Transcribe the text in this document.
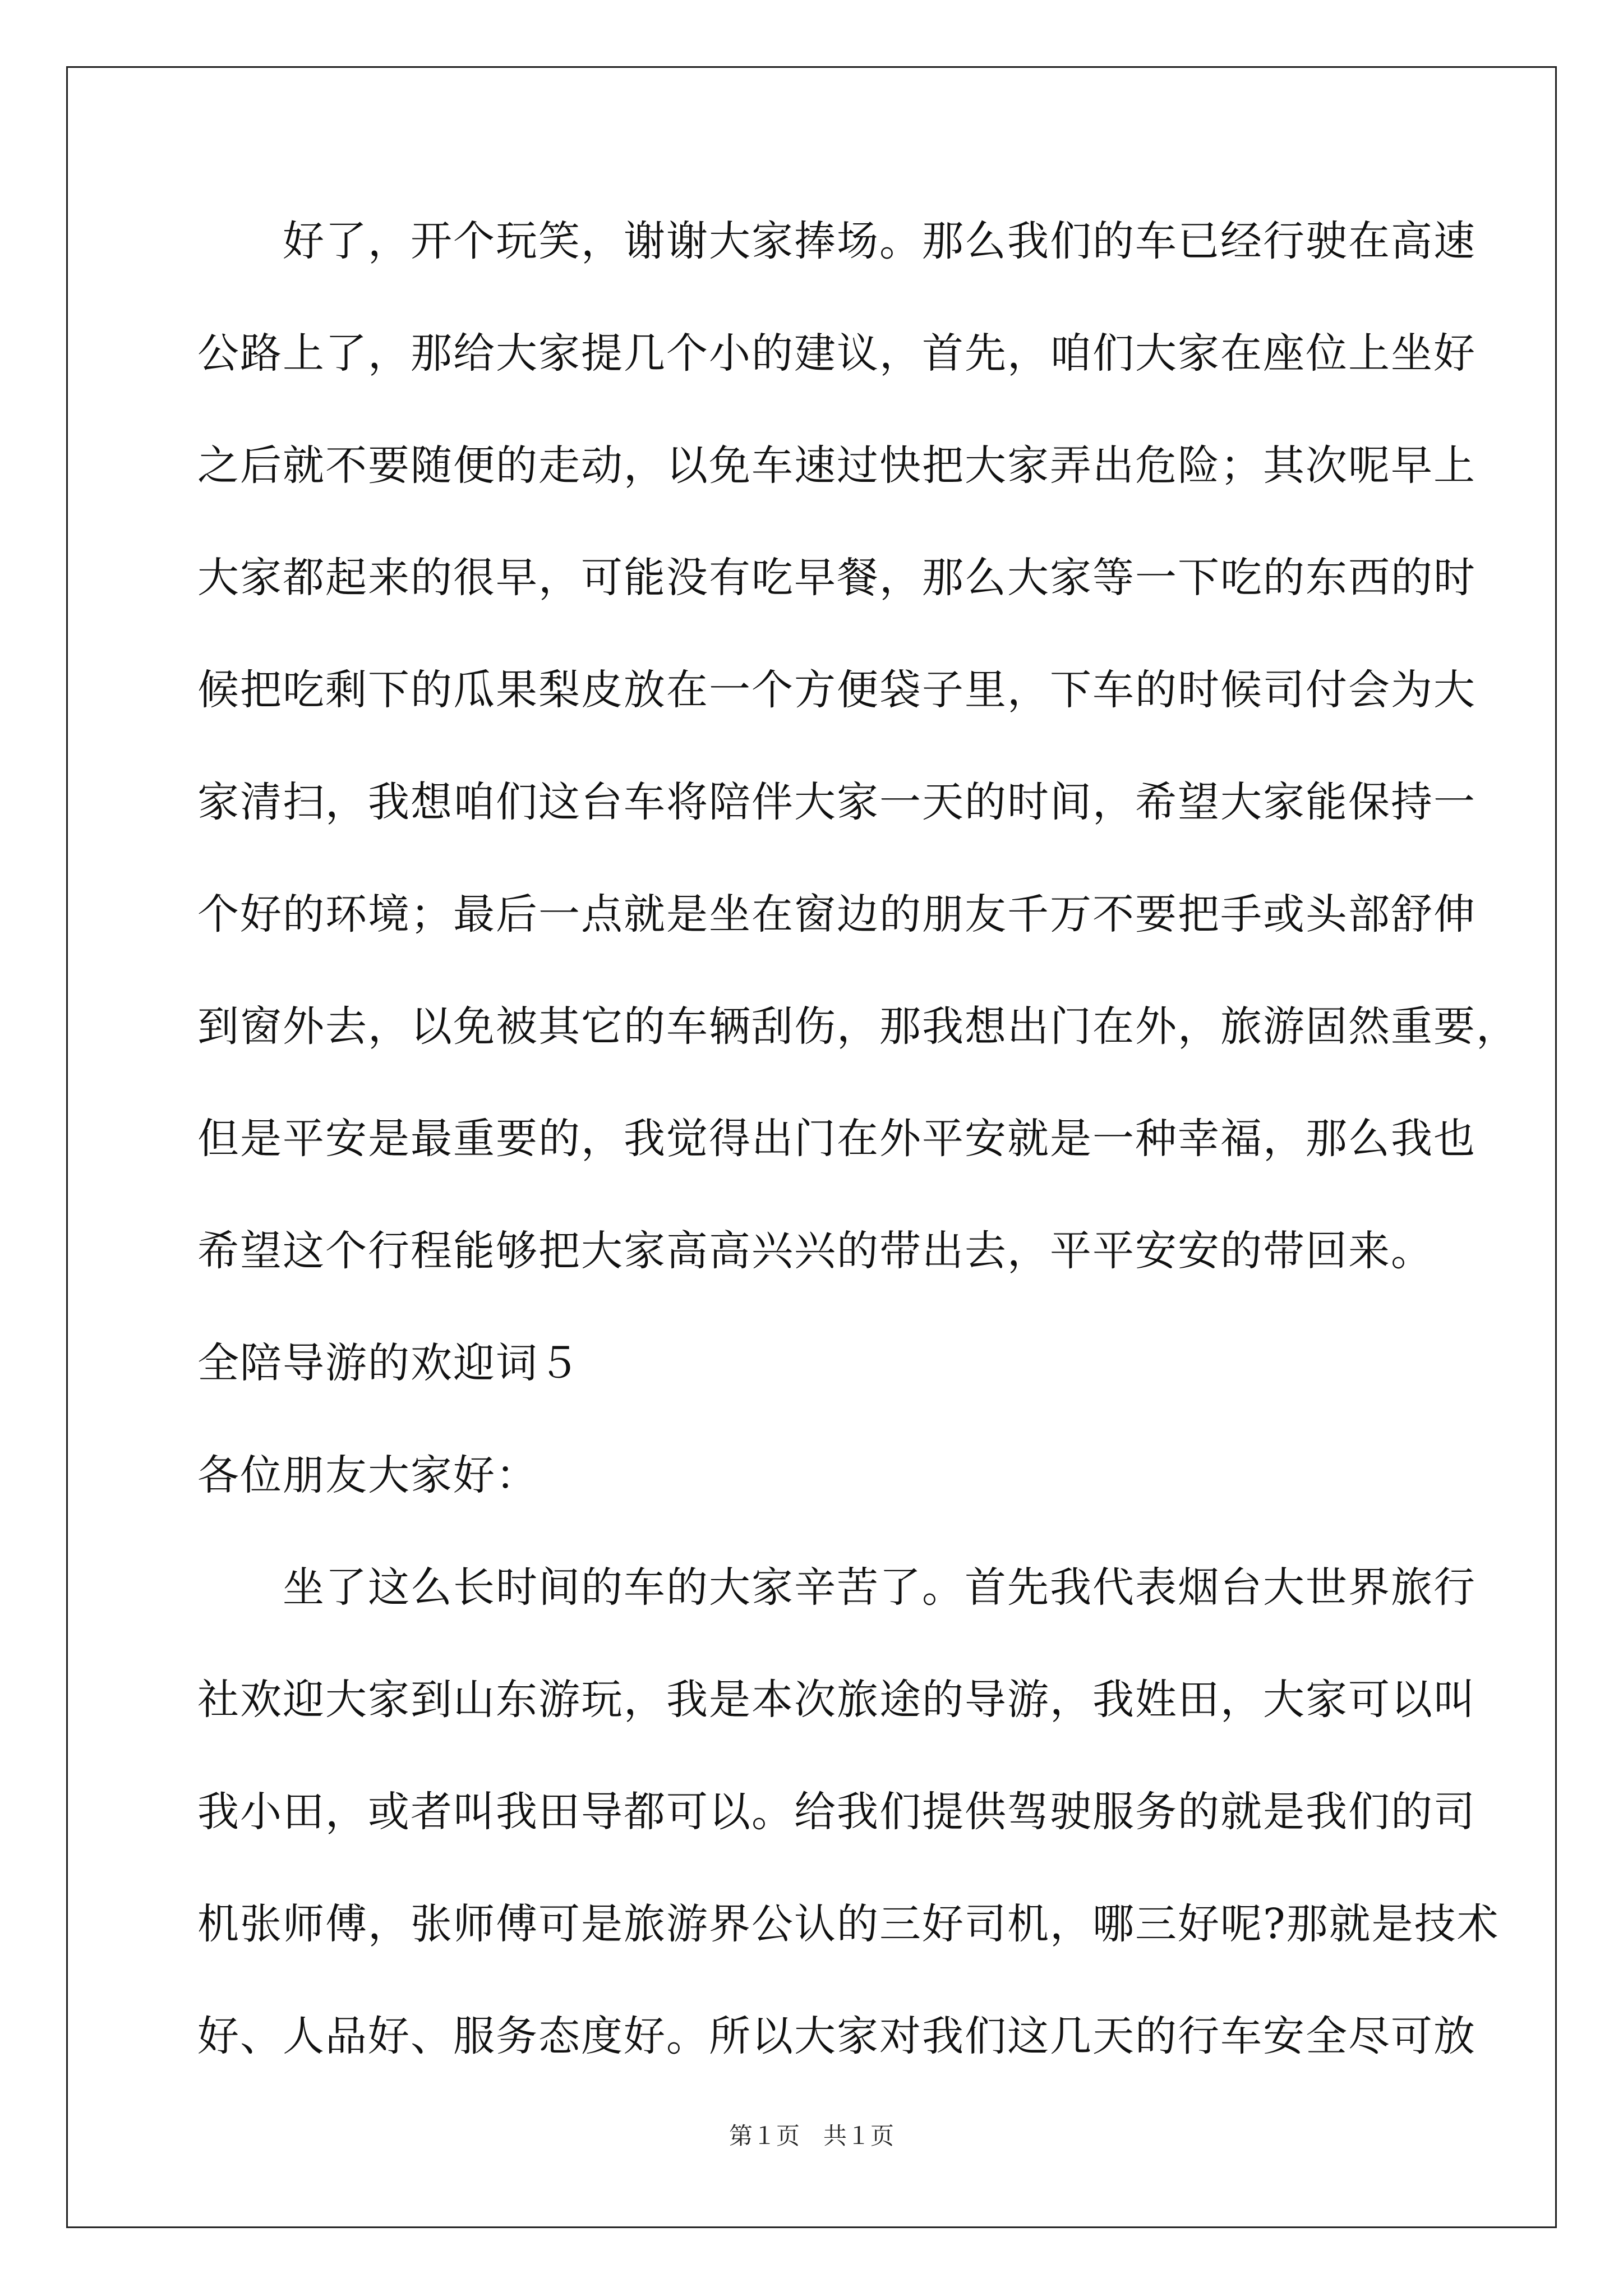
　　好了，开个玩笑，谢谢大家捧场。那么我们的车已经行驶在高速
公路上了，那给大家提几个小的建议，首先，咱们大家在座位上坐好
之后就不要随便的走动，以免车速过快把大家弄出危险；其次呢早上
大家都起来的很早，可能没有吃早餐，那么大家等一下吃的东西的时
候把吃剩下的瓜果梨皮放在一个方便袋子里，下车的时候司付会为大
家清扫，我想咱们这台车将陪伴大家一天的时间，希望大家能保持一
个好的环境；最后一点就是坐在窗边的朋友千万不要把手或头部舒伸
到窗外去，以免被其它的车辆刮伤，那我想出门在外，旅游固然重要，
但是平安是最重要的，我觉得出门在外平安就是一种幸福，那么我也
希望这个行程能够把大家高高兴兴的带出去，平平安安的带回来。
全陪导游的欢迎词５
各位朋友大家好：
　　坐了这么长时间的车的大家辛苦了。首先我代表烟台大世界旅行
社欢迎大家到山东游玩，我是本次旅途的导游，我姓田，大家可以叫
我小田，或者叫我田导都可以。给我们提供驾驶服务的就是我们的司
机张师傅，张师傅可是旅游界公认的三好司机，哪三好呢?那就是技术
好、人品好、服务态度好。所以大家对我们这几天的行车安全尽可放
第１页　共１页
